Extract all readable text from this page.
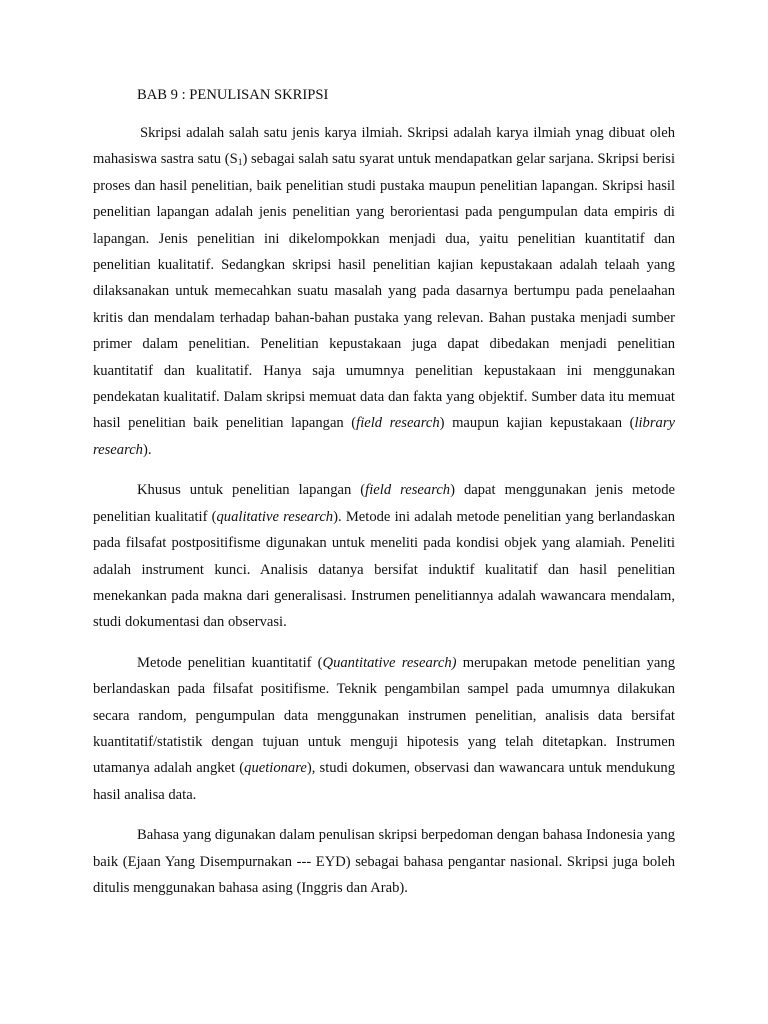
BAB 9 : PENULISAN SKRIPSI

Skripsi adalah salah satu jenis karya ilmiah. Skripsi adalah karya ilmiah ynag dibuat oleh mahasiswa sastra satu $(S_1)$ sebagai salah satu syarat untuk mendapatkan gelar sarjana. Skripsi berisi proses dan hasil penelitian, baik penelitian studi pustaka maupun penelitian lapangan. Skripsi hasil penelitian lapangan adalah jenis penelitian yang berorientasi pada pengumpulan data empiris di lapangan. Jenis penelitian ini dikelompokkan menjadi dua, yaitu penelitian kuantitatif dan penelitian kualitatif. Sedangkan skripsi hasil penelitian kajian kepustakaan adalah telaah yang dilaksanakan untuk memecahkan suatu masalah yang pada dasarnya bertumpu pada penelaahan kritis dan mendalam terhadap bahan-bahan pustaka yang relevan. Bahan pustaka menjadi sumber primer dalam penelitian. Penelitian kepustakaan juga dapat dibedakan menjadi penelitian kuantitatif dan kualitatif. Hanya saja umumnya penelitian kepustakaan ini menggunakan pendekatan kualitatif. Dalam skripsi memuat data dan fakta yang objektif. Sumber data itu memuat hasil penelitian baik penelitian lapangan (field research) maupun kajian kepustakaan (library research).

Khusus untuk penelitian lapangan (field research) dapat menggunakan jenis metode penelitian kualitatif (qualitative research). Metode ini adalah metode penelitian yang berlandaskan pada filsafat postpositifisme digunakan untuk meneliti pada kondisi objek yang alamiah. Peneliti adalah instrument kunci. Analisis datanya bersifat induktif kualitatif dan hasil penelitian menekankan pada makna dari generalisasi. Instrumen penelitiannya adalah wawancara mendalam, studi dokumentasi dan observasi.

Metode penelitian kuantitatif (Quantitative research) merupakan metode penelitian yang berlandaskan pada filsafat positifisme. Teknik pengambilan sampel pada umumnya dilakukan secara random, pengumpulan data menggunakan instrumen penelitian, analisis data bersifat kuantitatif/statistik dengan tujuan untuk menguji hipotesis yang telah ditetapkan. Instrumen utamanya adalah angket (quetionare), studi dokumen, observasi dan wawancara untuk mendukung hasil analisa data.

Bahasa yang digunakan dalam penulisan skripsi berpedoman dengan bahasa Indonesia yang baik (Ejaan Yang Disempurnakan --- EYD) sebagai bahasa pengantar nasional. Skripsi juga boleh ditulis menggunakan bahasa asing (Inggris dan Arab).
